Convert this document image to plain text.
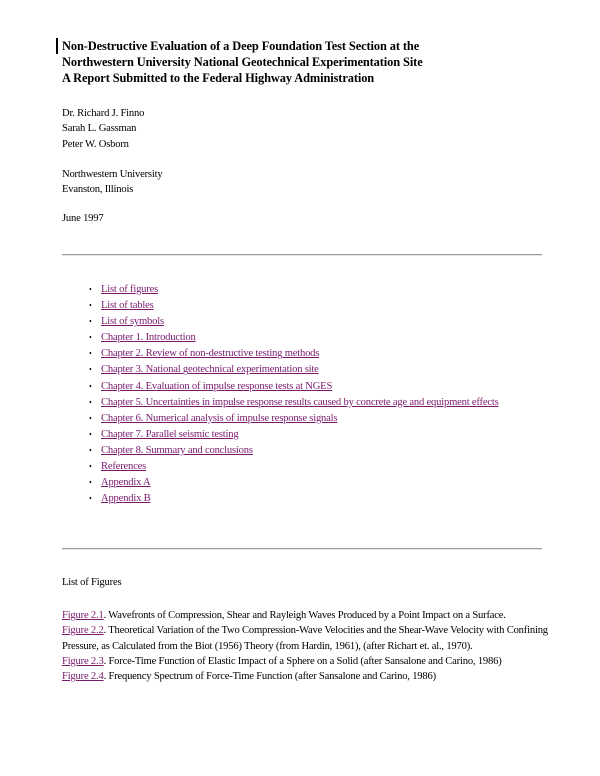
Non-Destructive Evaluation of a Deep Foundation Test Section at the
Northwestern University National Geotechnical Experimentation Site
A Report Submitted to the Federal Highway Administration
Dr. Richard J. Finno
Sarah L. Gassman
Peter W. Osborn
Northwestern University
Evanston, Illinois
June 1997
• List of figures
• List of tables
• List of symbols
• Chapter 1. Introduction
• Chapter 2. Review of non-destructive testing methods
• Chapter 3. National geotechnical experimentation site
• Chapter 4. Evaluation of impulse response tests at NGES
• Chapter 5. Uncertainties in impulse response results caused by concrete age and equipment effects
• Chapter 6. Numerical analysis of impulse response signals
• Chapter 7. Parallel seismic testing
• Chapter 8. Summary and conclusions
• References
• Appendix A
• Appendix B
List of Figures
Figure 2.1. Wavefronts of Compression, Shear and Rayleigh Waves Produced by a Point Impact on a Surface.
Figure 2.2. Theoretical Variation of the Two Compression-Wave Velocities and the Shear-Wave Velocity with Confining Pressure, as Calculated from the Biot (1956) Theory (from Hardin, 1961), (after Richart et. al., 1970).
Figure 2.3. Force-Time Function of Elastic Impact of a Sphere on a Solid (after Sansalone and Carino, 1986)
Figure 2.4. Frequency Spectrum of Force-Time Function (after Sansalone and Carino, 1986)
